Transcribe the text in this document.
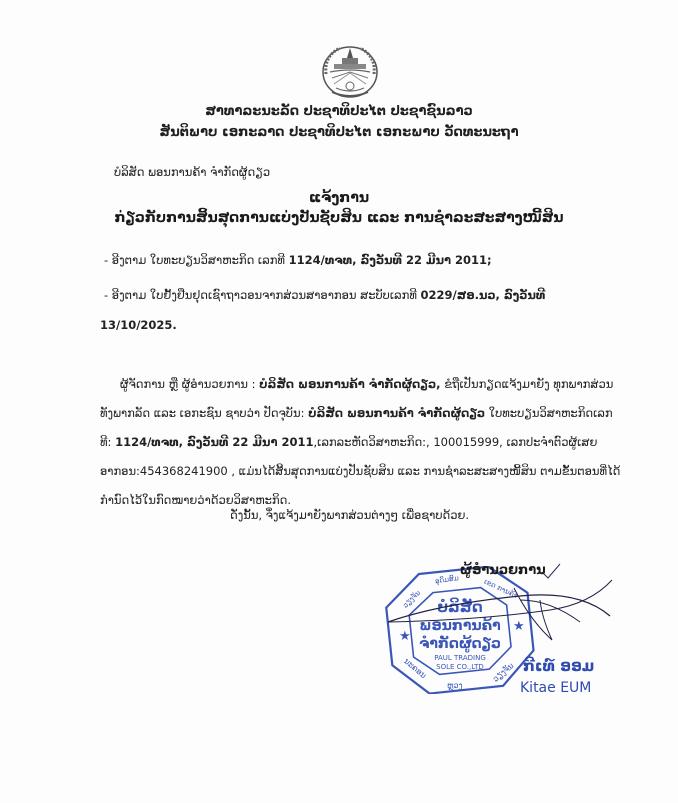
ສາທາລະນະລັດ ປະຊາທິປະໄຕ ປະຊາຊົນລາວ
ສັນຕິພາບ ເອກະລາດ ປະຊາທິປະໄຕ ເອກະພາບ ວັດທະນະຖາ
ບໍລິສັດ ພອນການຄ້າ ຈຳກັດຜູ້ດຽວ
ແຈ້ງການ
ກ່ຽວກັບການສິ້ນສຸດການແບ່ງປັນຊັບສິນ ແລະ ການຊຳລະສະສາງໜີ້ສິນ
- ອີງຕາມ ໃບທະບຽນວິສາຫະກິດ ເລກທີ 1124/ທຈທ, ລົງວັນທີ 22 ມີນາ 2011;
- ອີງຕາມ ໃບຢັ້ງຢືນຢຸດເຊົາຖາວອນຈາກສ່ວນສາອາກອນ ສະບັບເລກທີ 0229/ສອ.ນວ, ລົງວັນທີ
13/10/2025.
ຜູ້ຈັດການ ຫຼື ຜູ້ອຳນວຍການ : ບໍລິສັດ ພອນການຄ້າ ຈຳກັດຜູ້ດຽວ, ຂໍຖືເປັນກຽດແຈ້ງມາຍັງ ທຸກພາກສ່ວນ
ທັງພາກລັດ ແລະ ເອກະຊົນ ຊາບວ່າ ປັດຈຸບັນ: ບໍລິສັດ ພອນການຄ້າ ຈຳກັດຜູ້ດຽວ ໃບທະບຽນວິສາຫະກິດເລກ
ທີ: 1124/ທຈທ, ລົງວັນທີ 22 ມີນາ 2011,ເລກລະຫັດວິສາຫະກິດ:, 100015999, ເລກປະຈຳຕົວຜູ້ເສຍ
ອາກອນ:454368241900 , ແມ່ນໄດ້ສິ້ນສຸດການແບ່ງປັນຊັບສິນ ແລະ ການຊຳລະສະສາງໜີ້ສິນ ຕາມຂັ້ນຕອນທີ່ໄດ້
ກຳນົດໄວ້ໃນກົດໝາຍວ່າດ້ວຍວິສາຫະກິດ.
ດັ່ງນັ້ນ, ຈຶ່ງແຈ້ງມາຍັງພາກສ່ວນຕ່າງໆ ເພື່ອຊາບດ້ວຍ.
ບໍລິສັດ
ພອນການຄ້າ
ຈຳກັດຜູ້ດຽວ
PAUL TRADING
SOLE CO.,LTD
★
★
ວຽງຈັນ
ອຸດົມສົມ	ເຂດ ການຄ້າ
ນະຄອນ
ຫຼວງ
ວຽງຈັນ
ຜູ້ອຳນວຍການ
ກີເທ໌ ອອມ
Kitae EUM
